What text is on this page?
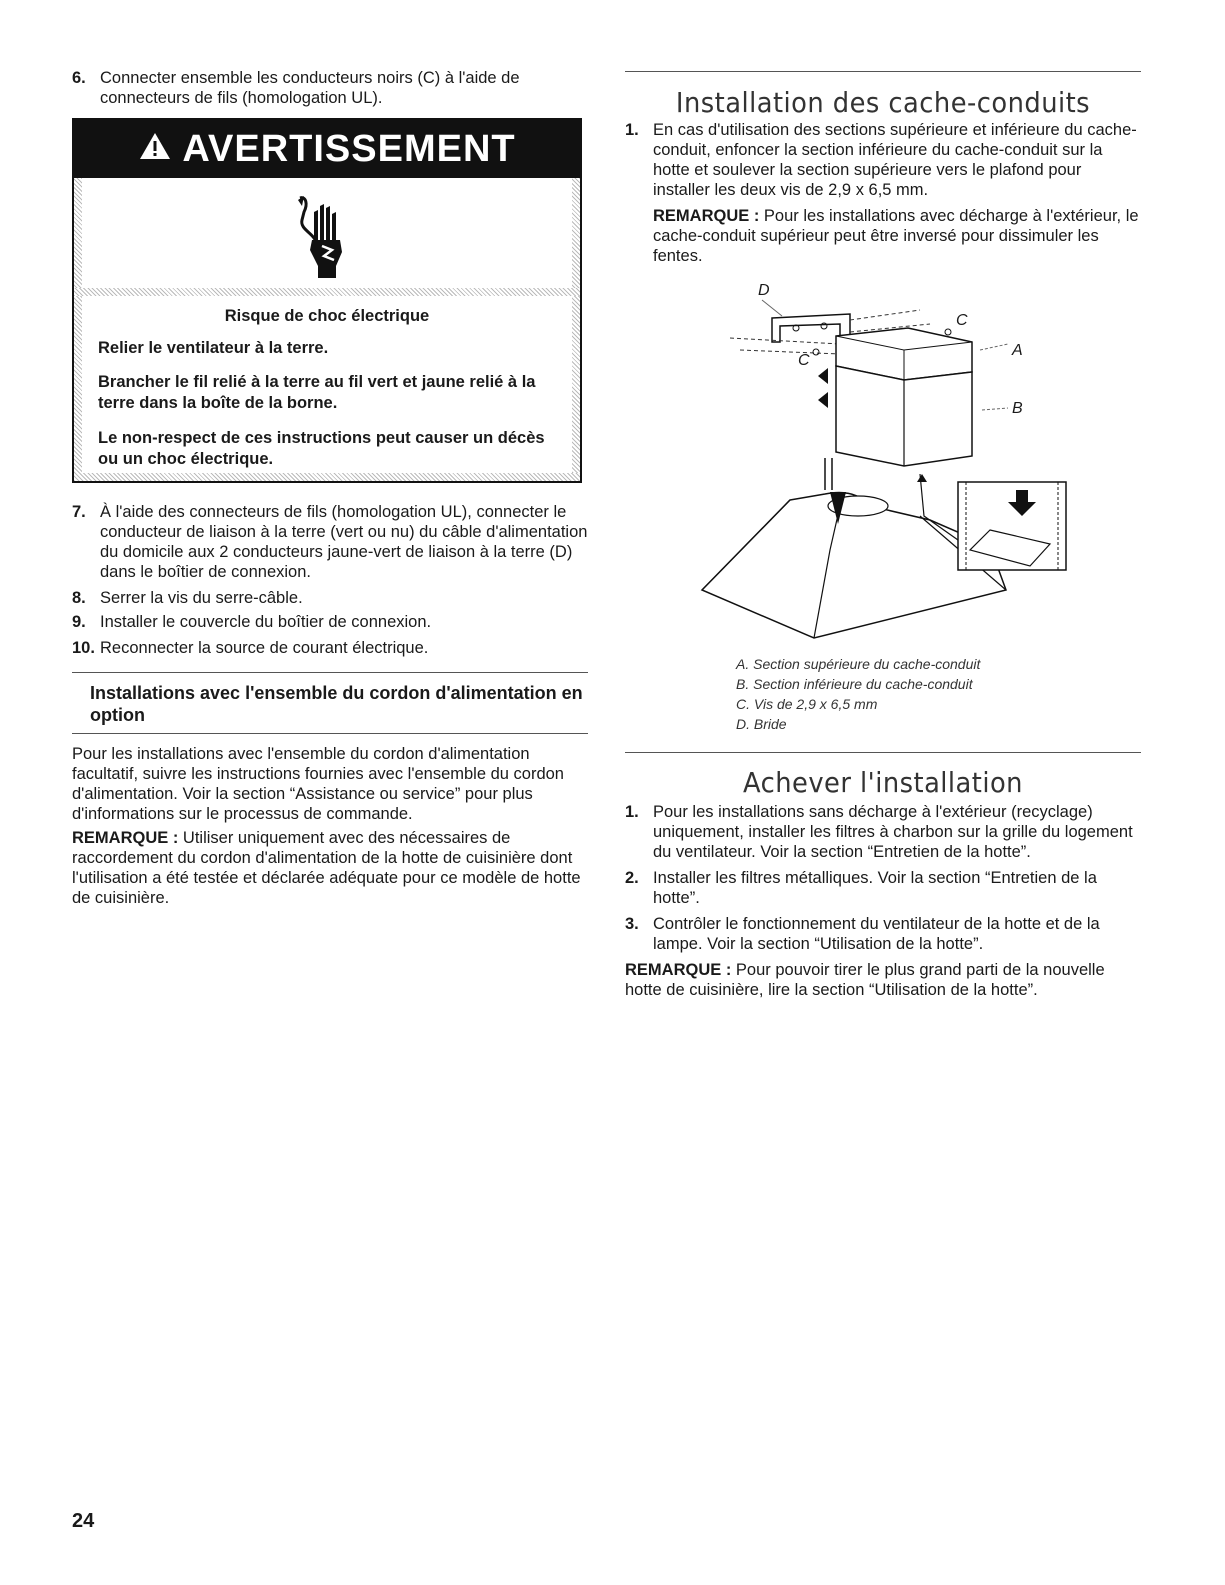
6. Connecter ensemble les conducteurs noirs (C) à l'aide de connecteurs de fils (homologation UL).
AVERTISSEMENT
Risque de choc électrique
Relier le ventilateur à la terre.
Brancher le fil relié à la terre au fil vert et jaune relié à la terre dans la boîte de la borne.
Le non-respect de ces instructions peut causer un décès ou un choc électrique.
7. À l'aide des connecteurs de fils (homologation UL), connecter le conducteur de liaison à la terre (vert ou nu) du câble d'alimentation du domicile aux 2 conducteurs jaune-vert de liaison à la terre (D) dans le boîtier de connexion.
8. Serrer la vis du serre-câble.
9. Installer le couvercle du boîtier de connexion.
10. Reconnecter la source de courant électrique.
Installations avec l'ensemble du cordon d'alimentation en option
Pour les installations avec l'ensemble du cordon d'alimentation facultatif, suivre les instructions fournies avec l'ensemble du cordon d'alimentation. Voir la section “Assistance ou service” pour plus d'informations sur le processus de commande.
REMARQUE : Utiliser uniquement avec des nécessaires de raccordement du cordon d'alimentation de la hotte de cuisinière dont l'utilisation a été testée et déclarée adéquate pour ce modèle de hotte de cuisinière.
Installation des cache-conduits
1. En cas d'utilisation des sections supérieure et inférieure du cache-conduit, enfoncer la section inférieure du cache-conduit sur la hotte et soulever la section supérieure vers le plafond pour installer les deux vis de 2,9 x 6,5 mm.
REMARQUE : Pour les installations avec décharge à l'extérieur, le cache-conduit supérieur peut être inversé pour dissimuler les fentes.
D
C
C
A
B
A. Section supérieure du cache-conduit
B. Section inférieure du cache-conduit
C. Vis de 2,9 x 6,5 mm
D. Bride
Achever l'installation
1. Pour les installations sans décharge à l'extérieur (recyclage) uniquement, installer les filtres à charbon sur la grille du logement du ventilateur. Voir la section “Entretien de la hotte”.
2. Installer les filtres métalliques. Voir la section “Entretien de la hotte”.
3. Contrôler le fonctionnement du ventilateur de la hotte et de la lampe. Voir la section “Utilisation de la hotte”.
REMARQUE : Pour pouvoir tirer le plus grand parti de la nouvelle hotte de cuisinière, lire la section “Utilisation de la hotte”.
24
